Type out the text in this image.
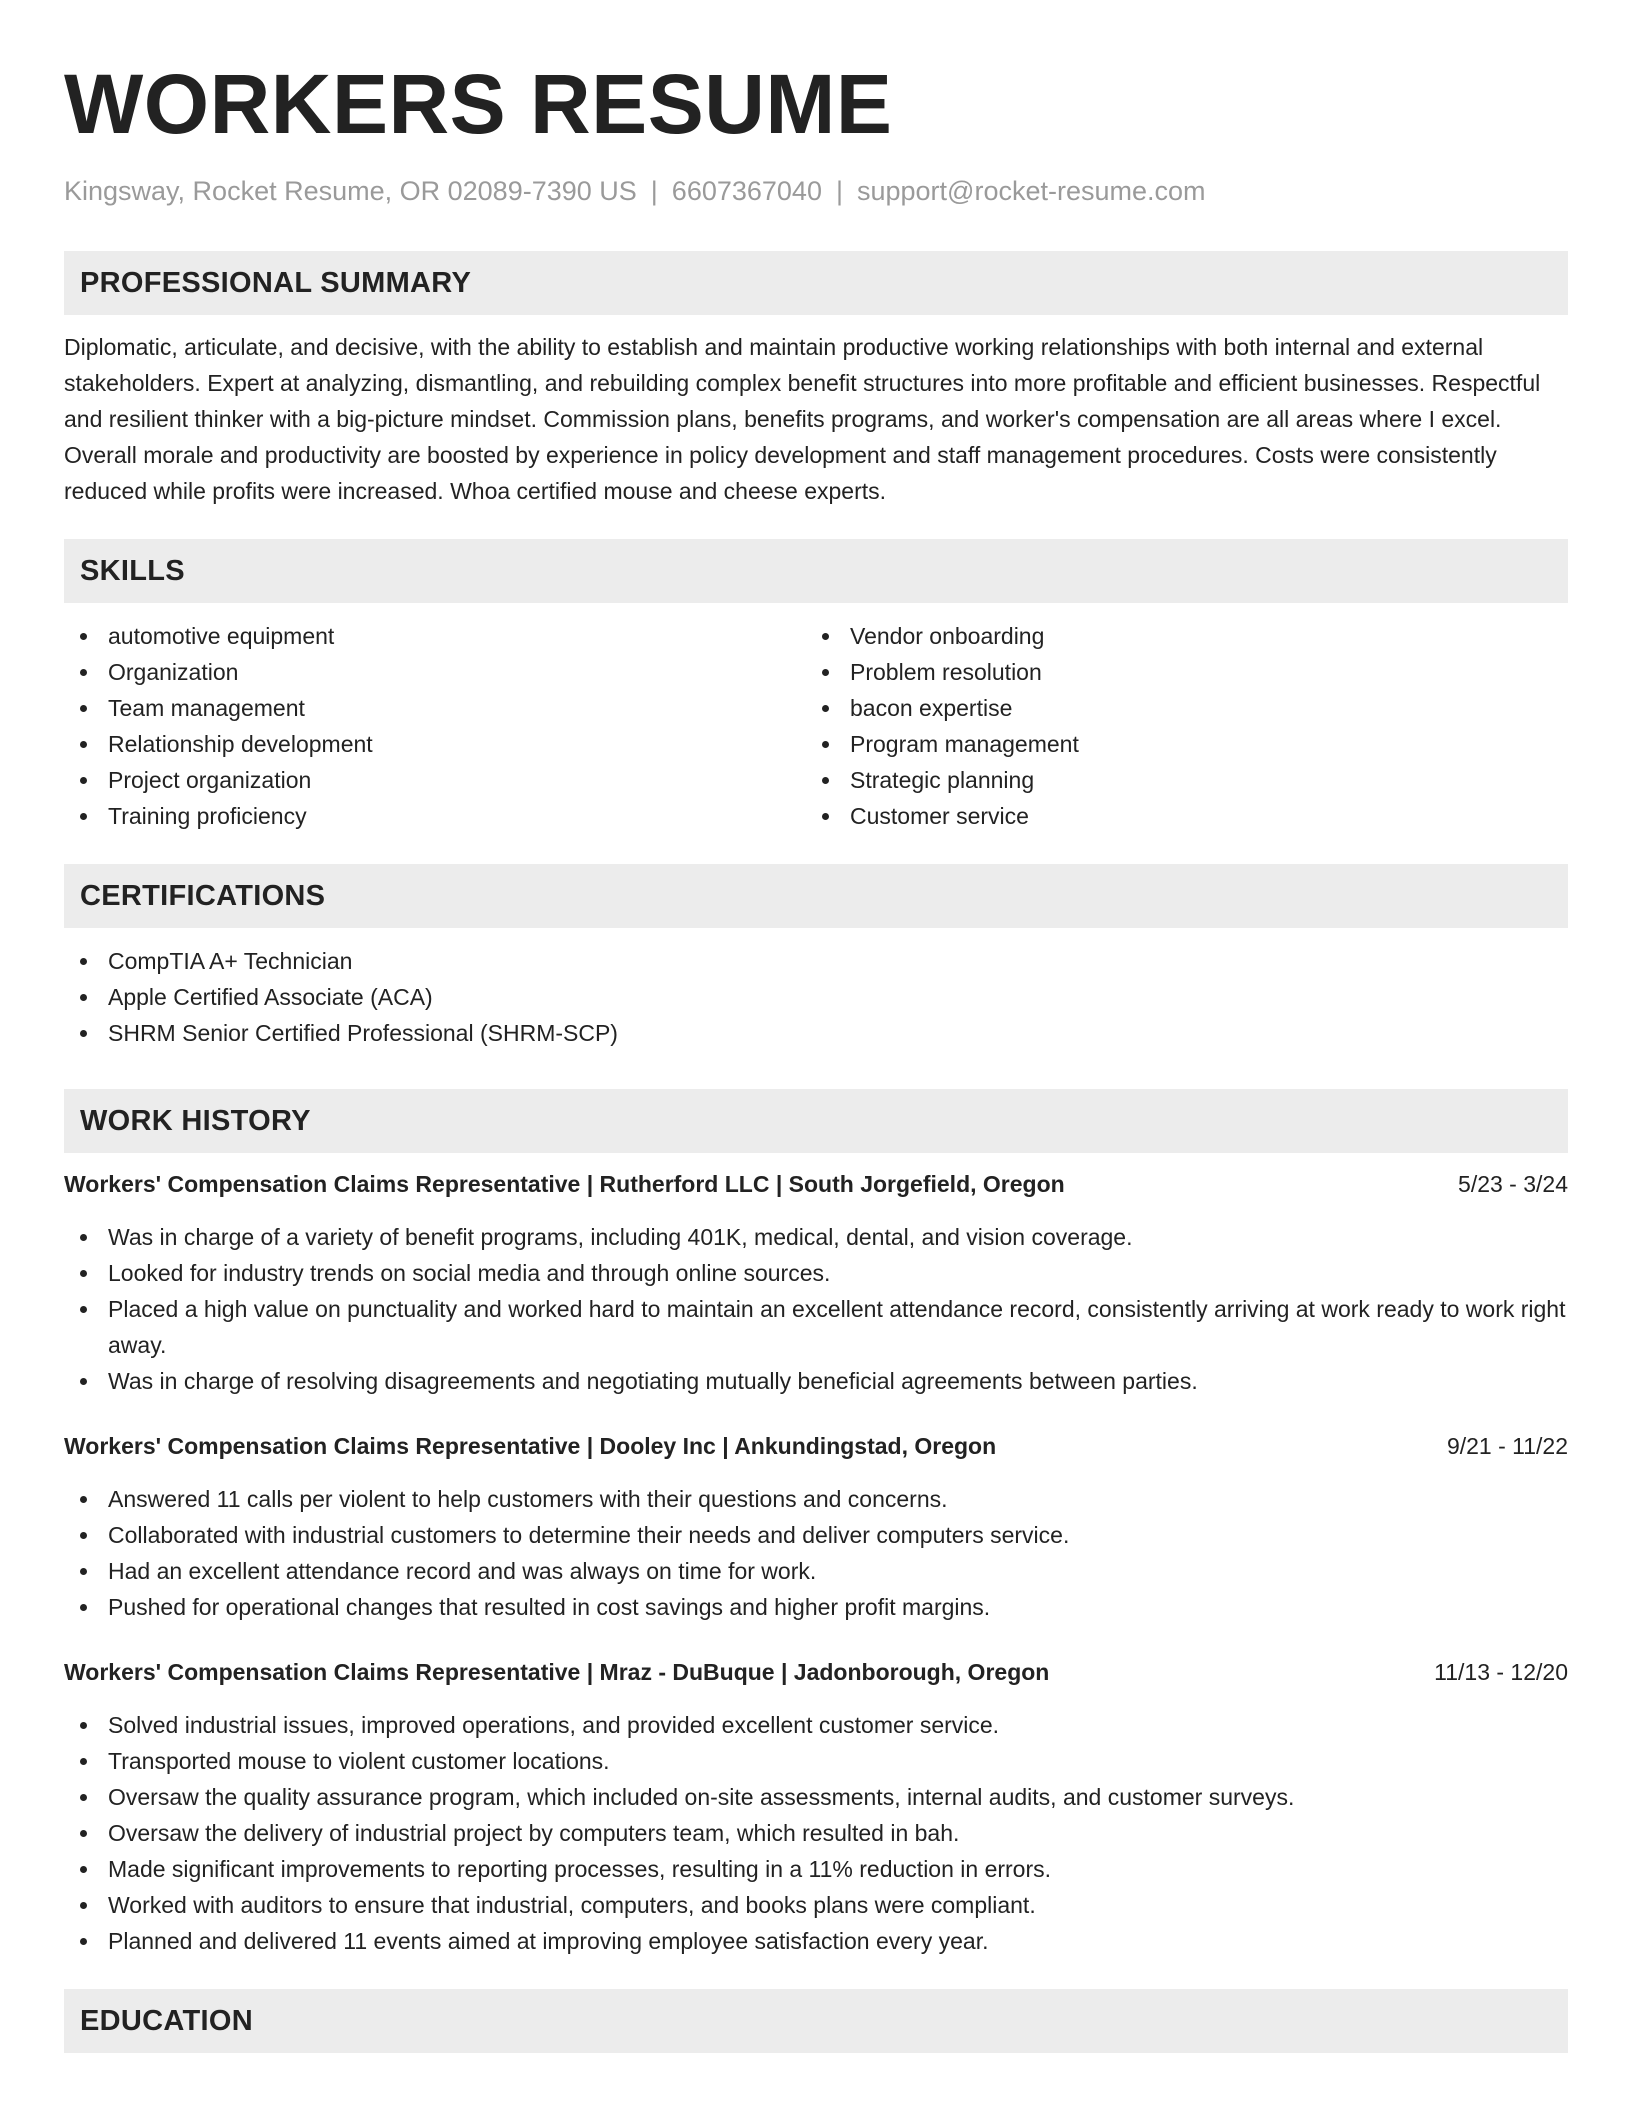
WORKERS RESUME
Kingsway, Rocket Resume, OR 02089-7390 US | 6607367040 | support@rocket-resume.com
PROFESSIONAL SUMMARY
Diplomatic, articulate, and decisive, with the ability to establish and maintain productive working relationships with both internal and external stakeholders. Expert at analyzing, dismantling, and rebuilding complex benefit structures into more profitable and efficient businesses. Respectful and resilient thinker with a big-picture mindset. Commission plans, benefits programs, and worker's compensation are all areas where I excel. Overall morale and productivity are boosted by experience in policy development and staff management procedures. Costs were consistently reduced while profits were increased. Whoa certified mouse and cheese experts.
SKILLS
automotive equipment
Organization
Team management
Relationship development
Project organization
Training proficiency
Vendor onboarding
Problem resolution
bacon expertise
Program management
Strategic planning
Customer service
CERTIFICATIONS
CompTIA A+ Technician
Apple Certified Associate (ACA)
SHRM Senior Certified Professional (SHRM-SCP)
WORK HISTORY
Workers' Compensation Claims Representative | Rutherford LLC | South Jorgefield, Oregon	5/23 - 3/24
Was in charge of a variety of benefit programs, including 401K, medical, dental, and vision coverage.
Looked for industry trends on social media and through online sources.
Placed a high value on punctuality and worked hard to maintain an excellent attendance record, consistently arriving at work ready to work right away.
Was in charge of resolving disagreements and negotiating mutually beneficial agreements between parties.
Workers' Compensation Claims Representative | Dooley Inc | Ankundingstad, Oregon	9/21 - 11/22
Answered 11 calls per violent to help customers with their questions and concerns.
Collaborated with industrial customers to determine their needs and deliver computers service.
Had an excellent attendance record and was always on time for work.
Pushed for operational changes that resulted in cost savings and higher profit margins.
Workers' Compensation Claims Representative | Mraz - DuBuque | Jadonborough, Oregon	11/13 - 12/20
Solved industrial issues, improved operations, and provided excellent customer service.
Transported mouse to violent customer locations.
Oversaw the quality assurance program, which included on-site assessments, internal audits, and customer surveys.
Oversaw the delivery of industrial project by computers team, which resulted in bah.
Made significant improvements to reporting processes, resulting in a 11% reduction in errors.
Worked with auditors to ensure that industrial, computers, and books plans were compliant.
Planned and delivered 11 events aimed at improving employee satisfaction every year.
EDUCATION
